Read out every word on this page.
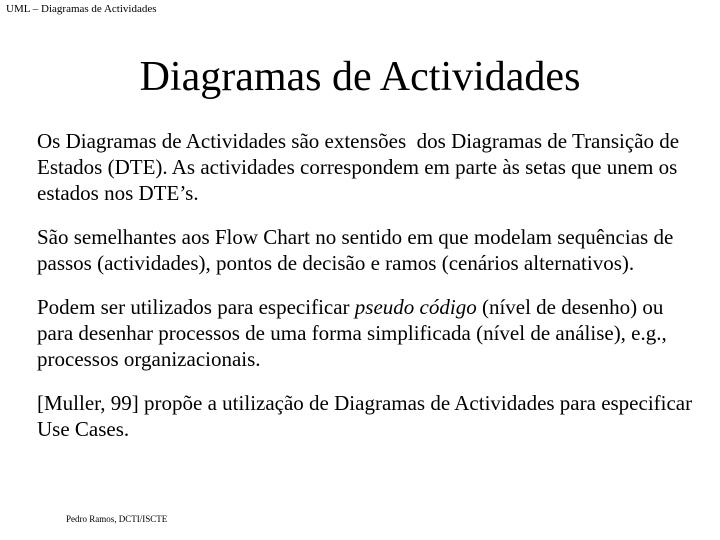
UML – Diagramas de Actividades
Diagramas de Actividades

Os Diagramas de Actividades são extensões  dos Diagramas de Transição de Estados (DTE). As actividades correspondem em parte às setas que unem os estados nos DTE’s.

São semelhantes aos Flow Chart no sentido em que modelam sequências de passos (actividades), pontos de decisão e ramos (cenários alternativos).

Podem ser utilizados para especificar pseudo código (nível de desenho) ou para desenhar processos de uma forma simplificada (nível de análise), e.g., processos organizacionais.

[Muller, 99] propõe a utilização de Diagramas de Actividades para especificar Use Cases.

Pedro Ramos, DCTI/ISCTE
